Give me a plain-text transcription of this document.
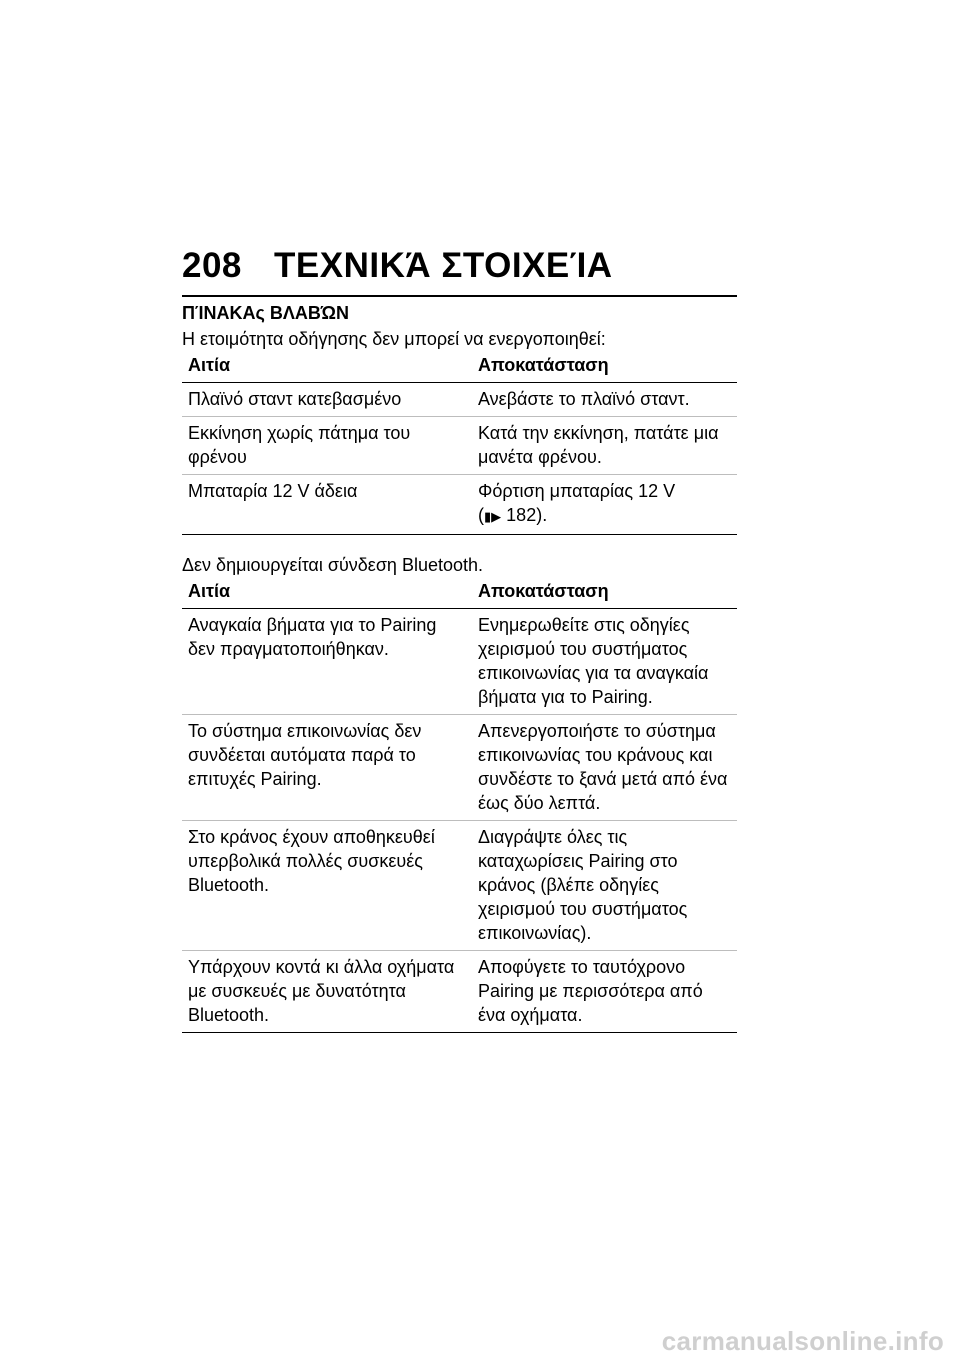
208 ΤΕΧΝΙΚΆ ΣΤΟΙΧΕΊΑ
ΠΊΝΑΚΑς ΒΛΑΒΏΝ
Η ετοιμότητα οδήγησης δεν μπορεί να ενεργοποιηθεί:
Αιτία	Αποκατάσταση
Πλαϊνό σταντ κατεβασμένο	Ανεβάστε το πλαϊνό σταντ.
Εκκίνηση χωρίς πάτημα του φρένου	Κατά την εκκίνηση, πατάτε μια μανέτα φρένου.
Μπαταρία 12 V άδεια	Φόρτιση μπαταρίας 12 V
(▮▶ 182).
Δεν δημιουργείται σύνδεση Bluetooth.
Αιτία	Αποκατάσταση
Αναγκαία βήματα για το Pairing δεν πραγματοποιήθηκαν.	Ενημερωθείτε στις οδηγίες χειρισμού του συστήματος επικοινωνίας για τα αναγκαία βήματα για το Pairing.
Το σύστημα επικοινωνίας δεν συνδέεται αυτόματα παρά το επιτυχές Pairing.	Απενεργοποιήστε το σύστημα επικοινωνίας του κράνους και συνδέστε το ξανά μετά από ένα έως δύο λεπτά.
Στο κράνος έχουν αποθηκευθεί υπερβολικά πολλές συσκευές Bluetooth.	Διαγράψτε όλες τις καταχωρίσεις Pairing στο κράνος (βλέπε οδηγίες χειρισμού του συστήματος επικοινωνίας).
Υπάρχουν κοντά κι άλλα οχήματα με συσκευές με δυνατότητα Bluetooth.	Αποφύγετε το ταυτόχρονο Pairing με περισσότερα από ένα οχήματα.
carmanualsonline.info
